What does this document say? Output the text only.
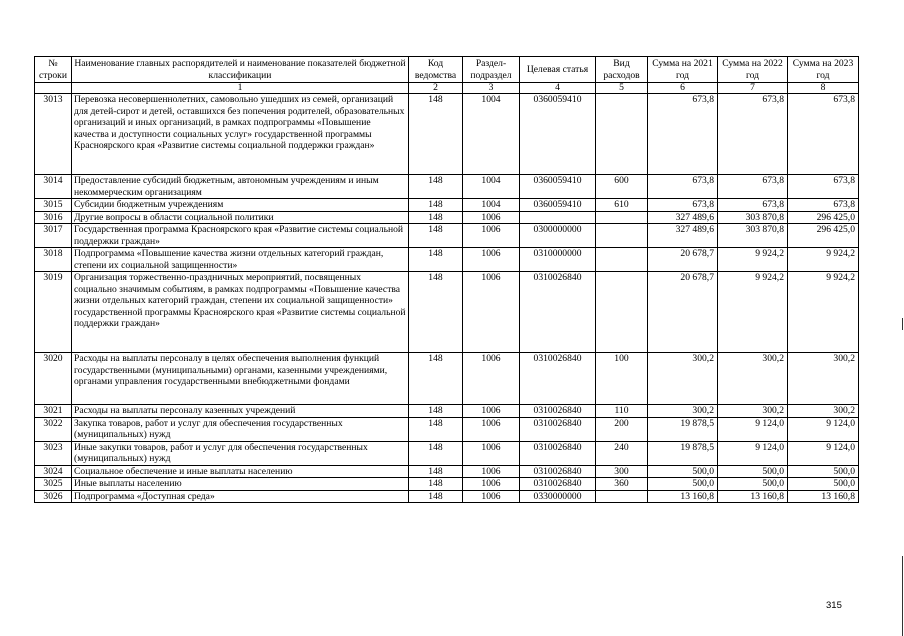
№ строки	Наименование главных распорядителей и наименование показателей бюджетной классификации	Код ведомства	Раздел-подраздел	Целевая статья	Вид расходов	Сумма на 2021 год	Сумма на 2022 год	Сумма на 2023 год
	1	2	3	4	5	6	7	8
3013	Перевозка несовершеннолетних, самовольно ушедших из семей, организаций для детей-сирот и детей, оставшихся без попечения родителей, образовательных организаций и иных организаций, в рамках подпрограммы «Повышение качества и доступности социальных услуг» государственной программы Красноярского края «Развитие системы социальной поддержки граждан»	148	1004	0360059410		673,8	673,8	673,8
3014	Предоставление субсидий бюджетным, автономным учреждениям и иным некоммерческим организациям	148	1004	0360059410	600	673,8	673,8	673,8
3015	Субсидии бюджетным учреждениям	148	1004	0360059410	610	673,8	673,8	673,8
3016	Другие вопросы в области социальной политики	148	1006			327 489,6	303 870,8	296 425,0
3017	Государственная программа Красноярского края «Развитие системы социальной поддержки граждан»	148	1006	0300000000		327 489,6	303 870,8	296 425,0
3018	Подпрограмма «Повышение качества жизни отдельных категорий граждан, степени их социальной защищенности»	148	1006	0310000000		20 678,7	9 924,2	9 924,2
3019	Организация торжественно-праздничных мероприятий, посвященных социально значимым событиям, в рамках подпрограммы «Повышение качества жизни отдельных категорий граждан, степени их социальной защищенности» государственной программы Красноярского края «Развитие системы социальной поддержки граждан»	148	1006	0310026840		20 678,7	9 924,2	9 924,2
3020	Расходы на выплаты персоналу в целях обеспечения выполнения функций государственными (муниципальными) органами, казенными учреждениями, органами управления государственными внебюджетными фондами	148	1006	0310026840	100	300,2	300,2	300,2
3021	Расходы на выплаты персоналу казенных учреждений	148	1006	0310026840	110	300,2	300,2	300,2
3022	Закупка товаров, работ и услуг для обеспечения государственных (муниципальных) нужд	148	1006	0310026840	200	19 878,5	9 124,0	9 124,0
3023	Иные закупки товаров, работ и услуг для обеспечения государственных (муниципальных) нужд	148	1006	0310026840	240	19 878,5	9 124,0	9 124,0
3024	Социальное обеспечение и иные выплаты населению	148	1006	0310026840	300	500,0	500,0	500,0
3025	Иные выплаты населению	148	1006	0310026840	360	500,0	500,0	500,0
3026	Подпрограмма «Доступная среда»	148	1006	0330000000		13 160,8	13 160,8	13 160,8
315
